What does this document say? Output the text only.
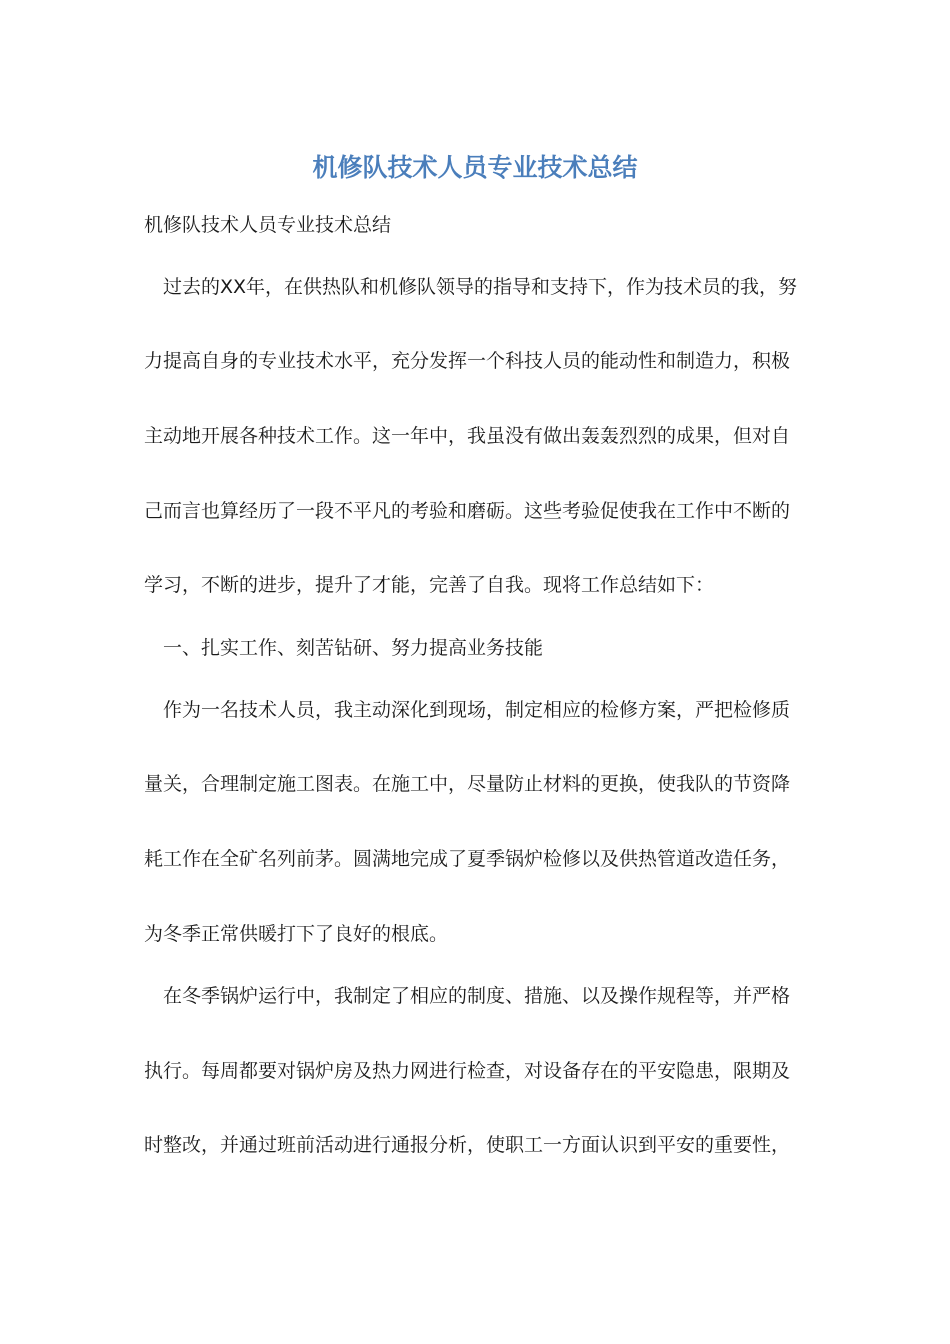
机修队技术人员专业技术总结

机修队技术人员专业技术总结

　过去的XX年，在供热队和机修队领导的指导和支持下，作为技术员的我，努

力提高自身的专业技术水平，充分发挥一个科技人员的能动性和制造力，积极

主动地开展各种技术工作。这一年中，我虽没有做出轰轰烈烈的成果，但对自

己而言也算经历了一段不平凡的考验和磨砺。这些考验促使我在工作中不断的

学习，不断的进步，提升了才能，完善了自我。现将工作总结如下：

　一、扎实工作、刻苦钻研、努力提高业务技能

　作为一名技术人员，我主动深化到现场，制定相应的检修方案，严把检修质

量关，合理制定施工图表。在施工中，尽量防止材料的更换，使我队的节资降

耗工作在全矿名列前茅。圆满地完成了夏季锅炉检修以及供热管道改造任务，

为冬季正常供暖打下了良好的根底。

　在冬季锅炉运行中，我制定了相应的制度、措施、以及操作规程等，并严格

执行。每周都要对锅炉房及热力网进行检查，对设备存在的平安隐患，限期及

时整改，并通过班前活动进行通报分析，使职工一方面认识到平安的重要性，
